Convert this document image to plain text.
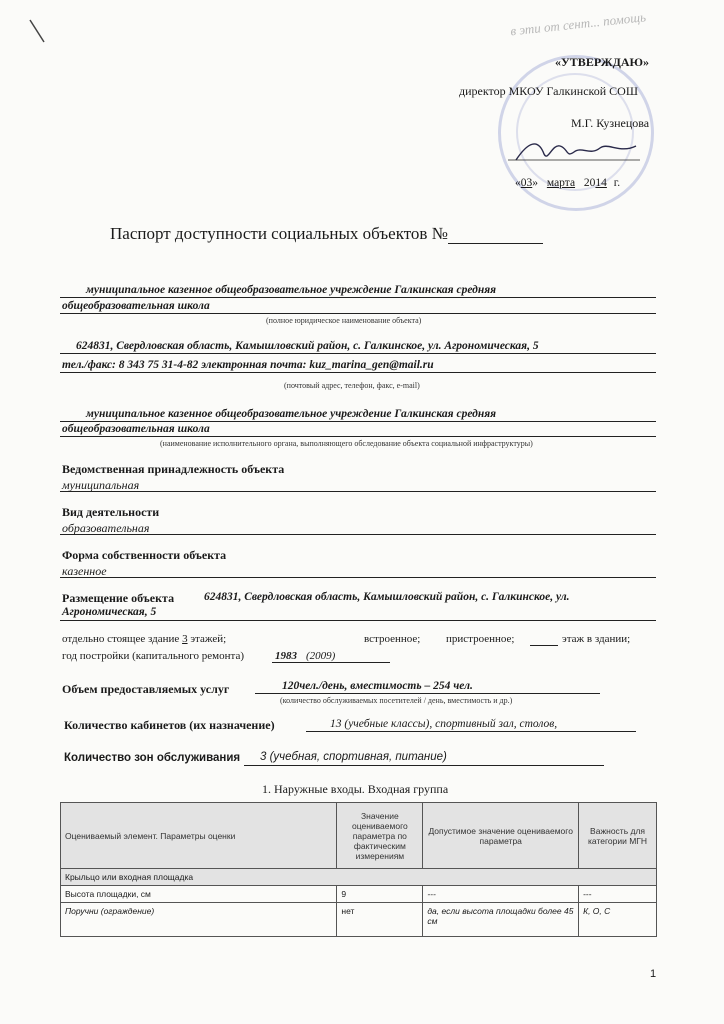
в эти от сент... помощь
«УТВЕРЖДАЮ»
директор МКОУ Галкинской СОШ
М.Г. Кузнецова
«03» марта 2014 г.
Паспорт доступности социальных объектов №
муниципальное казенное общеобразовательное учреждение Галкинская средняя
общеобразовательная школа
(полное юридическое наименование объекта)
624831, Свердловская область, Камышловский район, с. Галкинское, ул. Агрономическая, 5
тел./факс: 8 343 75 31-4-82 электронная почта: kuz_marina_gen@mail.ru
(почтовый адрес, телефон, факс, e-mail)
муниципальное казенное общеобразовательное учреждение Галкинская средняя
общеобразовательная школа
(наименование исполнительного органа, выполняющего обследование объекта социальной инфраструктуры)
Ведомственная принадлежность объекта
муниципальная
Вид деятельности
образовательная
Форма собственности объекта
казенное
Размещение объекта	624831, Свердловская область, Камышловский район, с. Галкинское, ул.
Агрономическая, 5
отдельно стоящее здание 3 этажей;	встроенное; пристроенное;	этаж в здании;
год постройки (капитального ремонта)	1983 (2009)
Объем предоставляемых услуг	120чел./день, вместимость – 254 чел.
(количество обслуживаемых посетителей / день, вместимость и др.)
Количество кабинетов (их назначение)	13 (учебные классы), спортивный зал, столов,
Количество зон обслуживания 3 (учебная, спортивная, питание)
1. Наружные входы. Входная группа
Оцениваемый элемент. Параметры оценки	Значение оцениваемого параметра по фактическим измерениям	Допустимое значение оцениваемого параметра	Важность для категории МГН
Крыльцо или входная площадка			
Высота площадки, см	9	---	---
Поручни (ограждение)	нет	да, если высота площадки более 45 см	К, О, С
1
